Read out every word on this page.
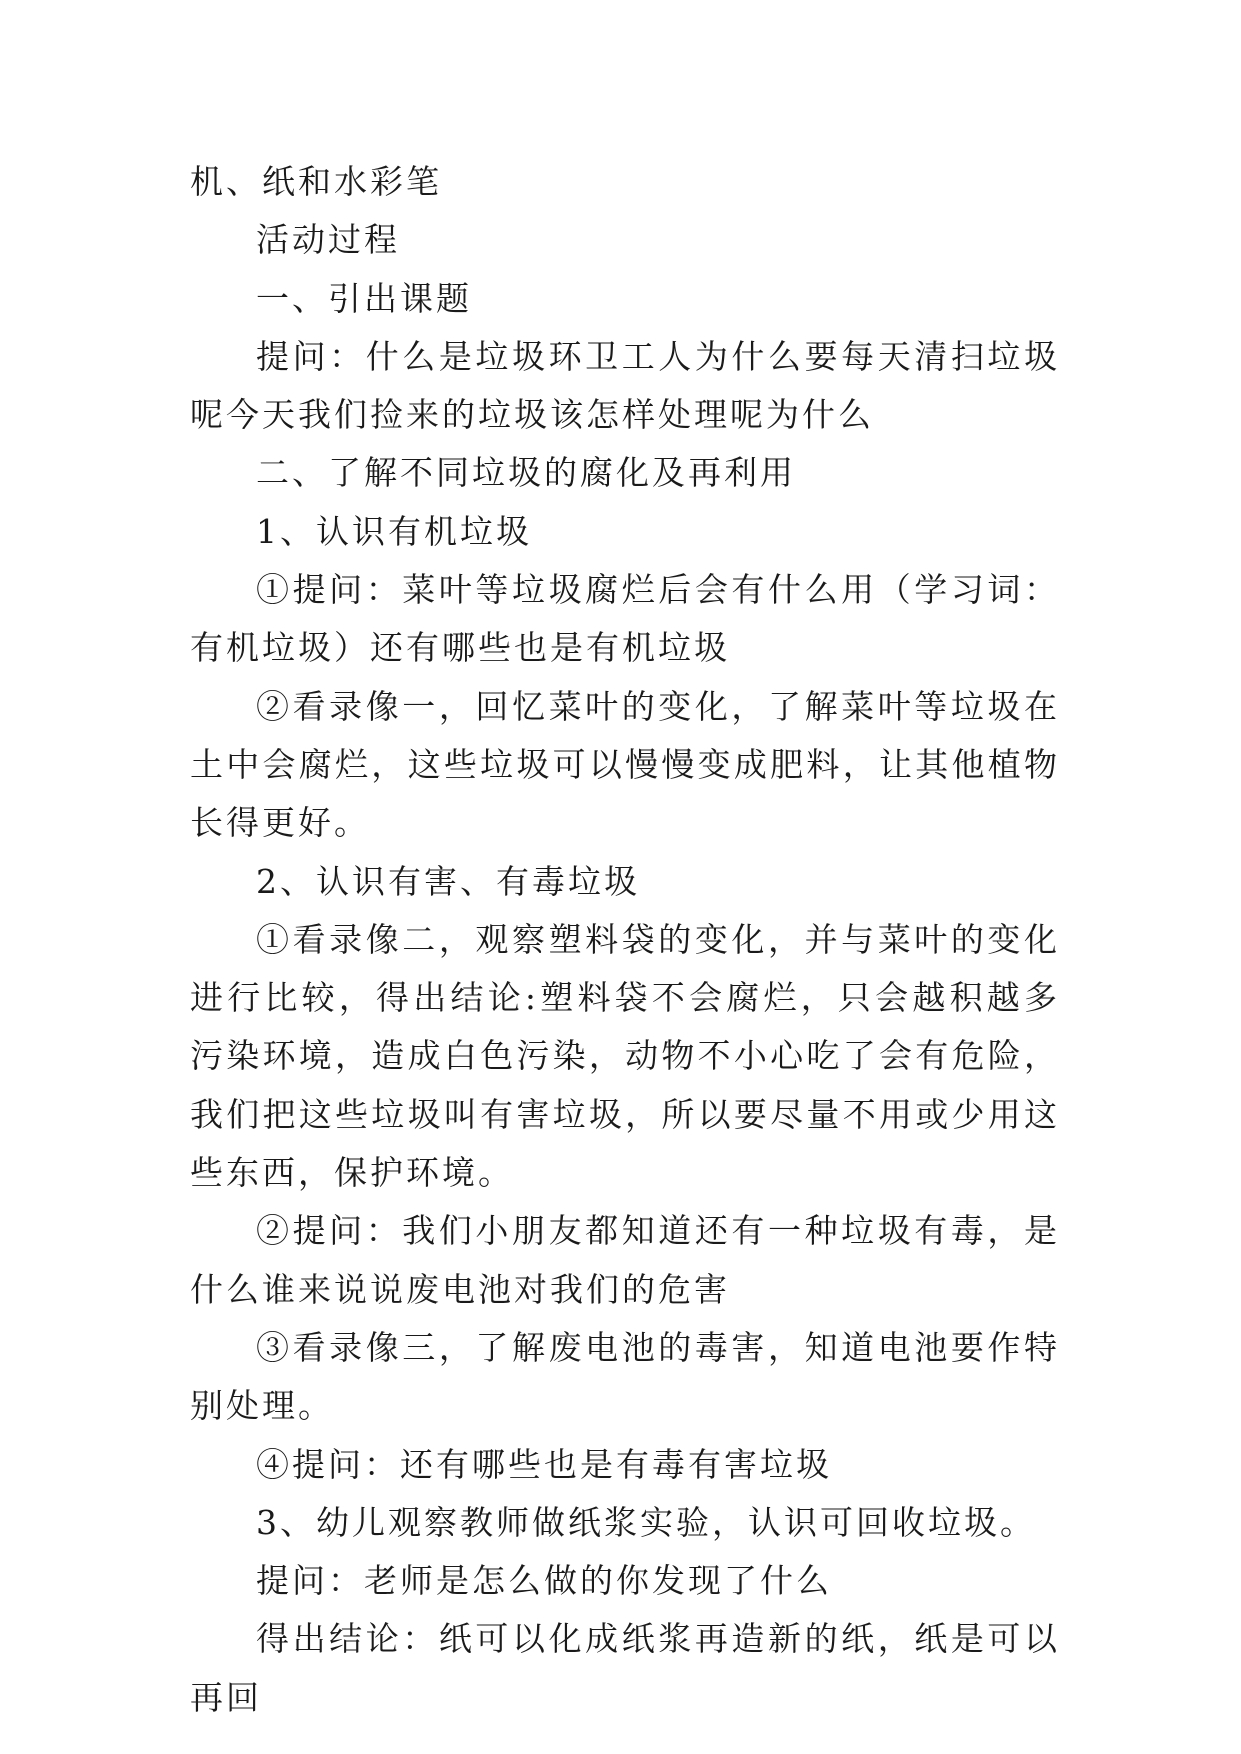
机、纸和水彩笔

活动过程

一、引出课题

提问：什么是垃圾环卫工人为什么要每天清扫垃圾呢今天我们捡来的垃圾该怎样处理呢为什么

二、了解不同垃圾的腐化及再利用

1、认识有机垃圾

①提问：菜叶等垃圾腐烂后会有什么用（学习词：有机垃圾）还有哪些也是有机垃圾

②看录像一，回忆菜叶的变化，了解菜叶等垃圾在土中会腐烂，这些垃圾可以慢慢变成肥料，让其他植物长得更好。

2、认识有害、有毒垃圾

①看录像二，观察塑料袋的变化，并与菜叶的变化进行比较，得出结论:塑料袋不会腐烂，只会越积越多污染环境，造成白色污染，动物不小心吃了会有危险，我们把这些垃圾叫有害垃圾，所以要尽量不用或少用这些东西，保护环境。

②提问：我们小朋友都知道还有一种垃圾有毒，是什么谁来说说废电池对我们的危害

③看录像三，了解废电池的毒害，知道电池要作特别处理。

④提问：还有哪些也是有毒有害垃圾

3、幼儿观察教师做纸浆实验，认识可回收垃圾。

提问：老师是怎么做的你发现了什么

得出结论：纸可以化成纸浆再造新的纸，纸是可以再回
